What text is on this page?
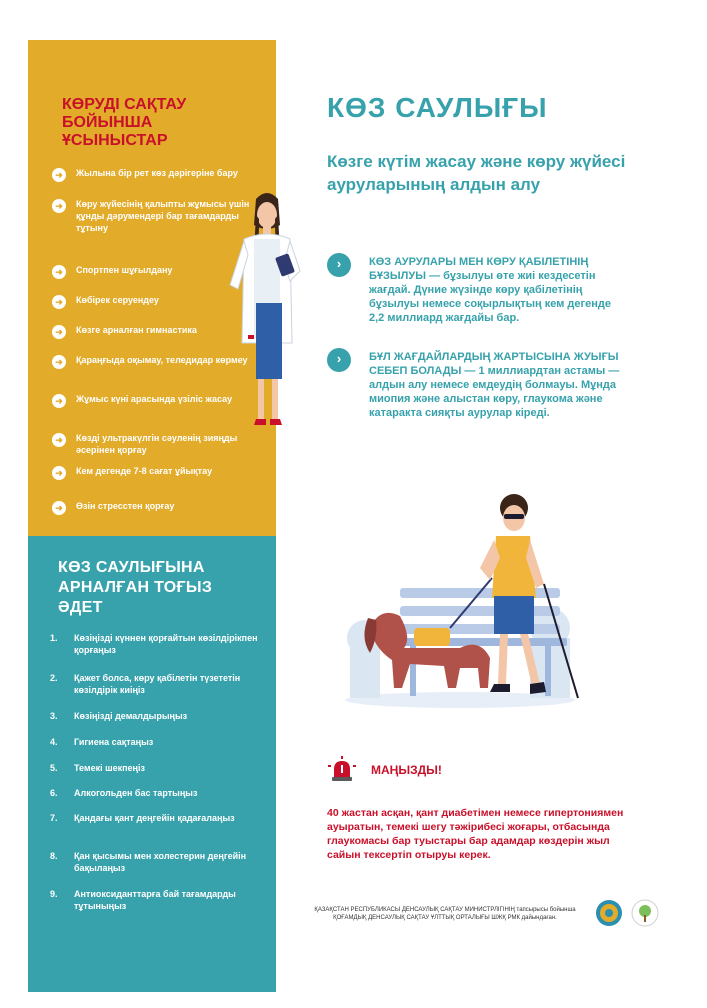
КӨРУДІ САҚТАУ БОЙЫНША ҰСЫНЫСТАР
➜	Жылына бір рет көз дәрігеріне бару
➜	Көру жүйесінің қалыпты жұмысы үшін құнды дәрумендері бар тағамдарды тұтыну
➜	Спортпен шұғылдану
➜	Көбірек серуендеу
➜	Көзге арналған гимнастика
➜	Қараңғыда оқымау, теледидар көрмеу
➜	Жұмыс күні арасында үзіліс жасау
➜	Көзді ультракүлгін сәуленің зияңды әсерінен қорғау
➜	Кем дегенде 7-8 сағат ұйықтау
➜	Өзін стресстен қорғау
КӨЗ САУЛЫҒЫНА АРНАЛҒАН ТОҒЫЗ ӘДЕТ
1.	Көзіңізді күннен қорғайтын көзілдірікпен қорғаңыз
2.	Қажет болса, көру қабілетін түзететін көзілдірік киіңіз
3.	Көзіңізді демалдырыңыз
4.	Гигиена сақтаңыз
5.	Темекі шекпеңіз
6.	Алкогольден бас тартыңыз
7.	Қандағы қант деңгейін қадағалаңыз
8.	Қан қысымы мен холестерин деңгейін бақылаңыз
9.	Антиоксиданттарға бай тағамдарды тұтыныңыз
КӨЗ САУЛЫҒЫ
Көзге күтім жасау және көру жүйесі ауруларының алдын алу
›	КӨЗ АУРУЛАРЫ МЕН КӨРУ ҚАБІЛЕТІНІҢ БҰЗЫЛУЫ — бұзылуы өте жиі кездесетін жағдай. Дүние жүзінде көру қабілетінің бұзылуы немесе соқырлықтың кем дегенде 2,2 миллиард жағдайы бар.
›	БҰЛ ЖАҒДАЙЛАРДЫҢ ЖАРТЫСЫНА ЖУЫҒЫ СЕБЕП БОЛАДЫ — 1 миллиардтан астамы — алдын алу немесе емдеудің болмауы. Мұнда миопия және алыстан көру, глаукома және катаракта сияқты аурулар кіреді.
МАҢЫЗДЫ!
40 жастан асқан, қант диабетімен немесе гипертониямен ауыратын, темекі шегу тәжірибесі жоғары, отбасында глаукомасы бар туыстары бар адамдар көздерін жыл сайын тексертіп отыруы керек.
ҚАЗАҚСТАН РЕСПУБЛИКАСЫ ДЕНСАУЛЫҚ САҚТАУ МИНИСТРЛІГІНІҢ тапсырысы бойынша
ҚОҒАМДЫҚ ДЕНСАУЛЫҚ САҚТАУ ҰЛТТЫҚ ОРТАЛЫҒЫ ШЖҚ РМК дайындаған.
